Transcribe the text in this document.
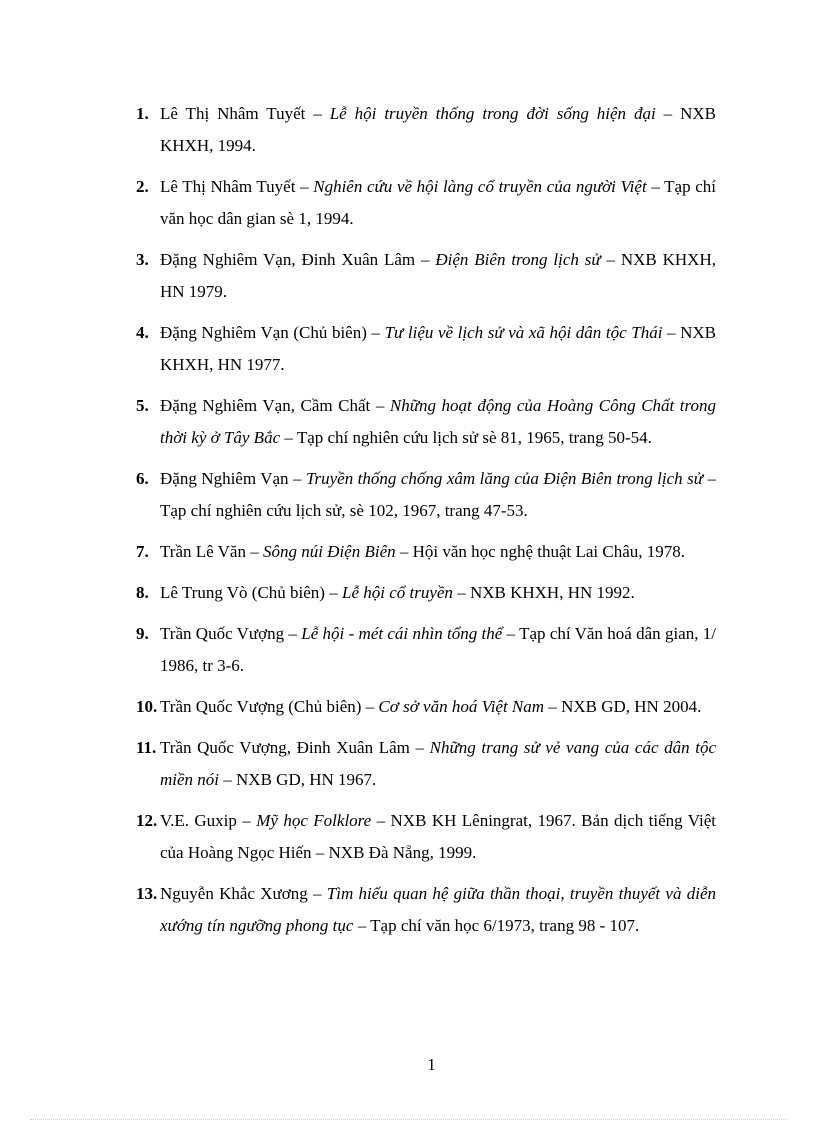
1. Lê Thị Nhâm Tuyết – Lễ hội truyền thống trong đời sống hiện đại – NXB KHXH, 1994.
2. Lê Thị Nhâm Tuyết – Nghiên cứu về hội làng cổ truyền của người Việt – Tạp chí văn học dân gian sè 1, 1994.
3. Đặng Nghiêm Vạn, Đinh Xuân Lâm – Điện Biên trong lịch sử – NXB KHXH, HN 1979.
4. Đặng Nghiêm Vạn (Chủ biên) – Tư liệu về lịch sử và xã hội dân tộc Thái – NXB KHXH, HN 1977.
5. Đặng Nghiêm Vạn, Cầm Chất – Những hoạt động của Hoàng Công Chất trong thời kỳ ở Tây Bắc – Tạp chí nghiên cứu lịch sử sè 81, 1965, trang 50-54.
6. Đặng Nghiêm Vạn – Truyền thống chống xâm lăng của Điện Biên trong lịch sử – Tạp chí nghiên cứu lịch sử, sè 102, 1967, trang 47-53.
7. Trần Lê Văn – Sông núi Điện Biên – Hội văn học nghệ thuật Lai Châu, 1978.
8. Lê Trung Vò (Chủ biên) – Lễ hội cổ truyền – NXB KHXH, HN 1992.
9. Trần Quốc Vượng – Lễ hội - mét cái nhìn tổng thể – Tạp chí Văn hoá dân gian, 1/ 1986, tr 3-6.
10. Trần Quốc Vượng (Chủ biên) – Cơ sở văn hoá Việt Nam – NXB GD, HN 2004.
11. Trần Quốc Vượng, Đinh Xuân Lâm – Những trang sử vẻ vang của các dân tộc miền nói – NXB GD, HN 1967.
12. V.E. Guxip – Mỹ học Folklore – NXB KH Lêningrat, 1967. Bản dịch tiếng Việt của Hoàng Ngọc Hiến – NXB Đà Nẵng, 1999.
13. Nguyễn Khắc Xương – Tìm hiểu quan hệ giữa thần thoại, truyền thuyết và diễn xướng tín ngưỡng phong tục – Tạp chí văn học 6/1973, trang 98 - 107.
1
